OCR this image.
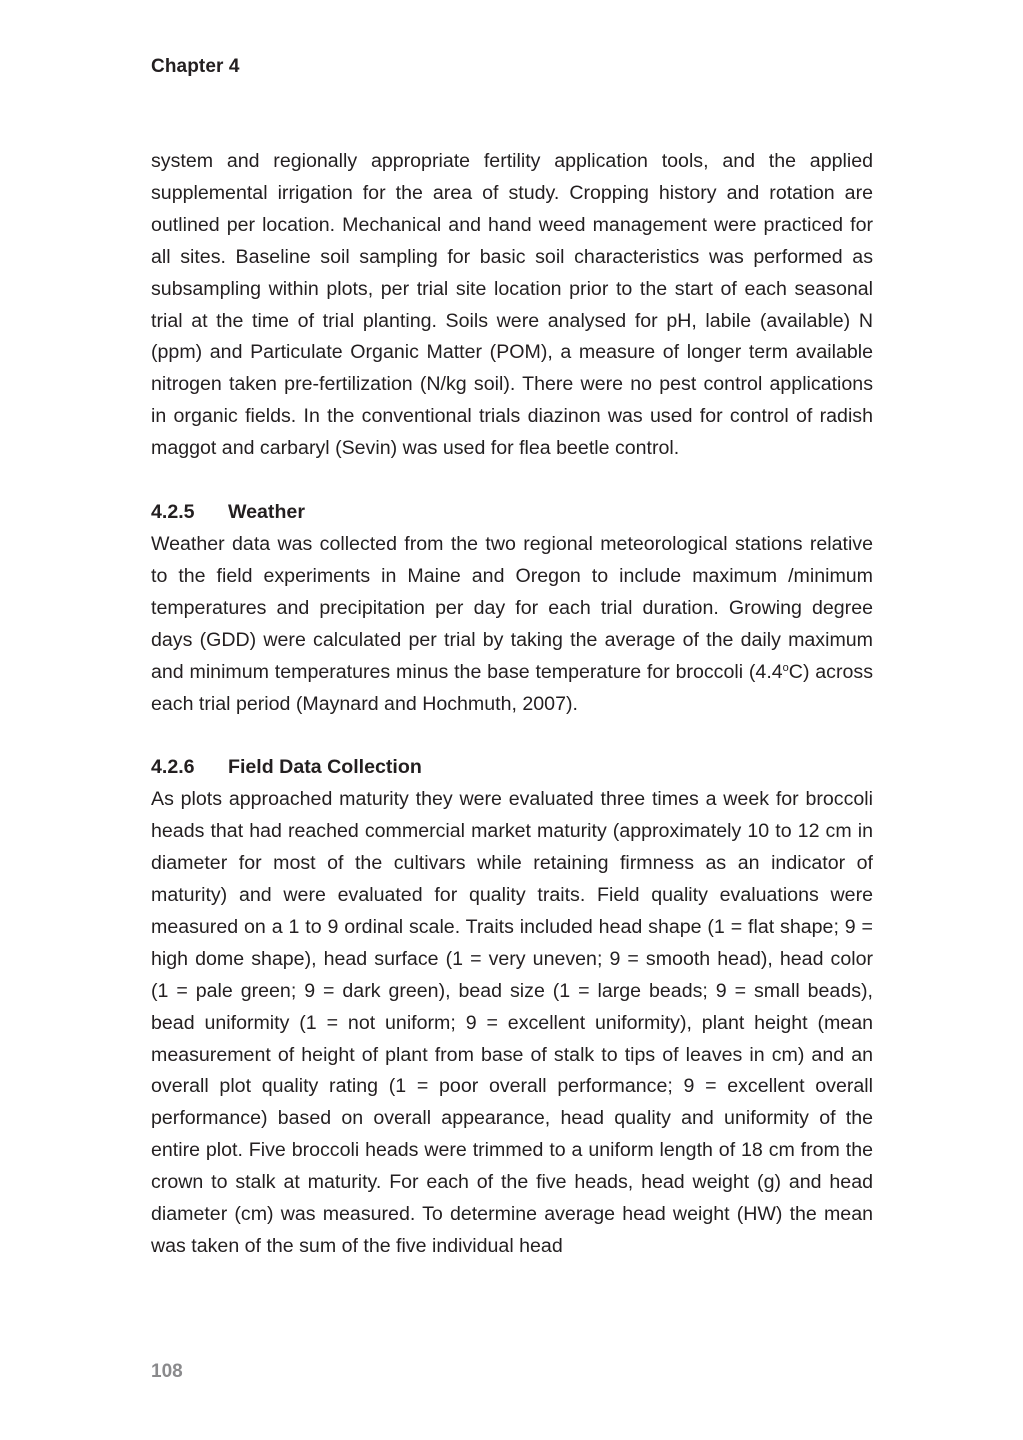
Chapter 4

system and regionally appropriate fertility application tools, and the applied supplemental irrigation for the area of study. Cropping history and rotation are outlined per location. Mechanical and hand weed management were practiced for all sites. Baseline soil sampling for basic soil characteristics was performed as subsampling within plots, per trial site location prior to the start of each seasonal trial at the time of trial planting. Soils were analysed for pH, labile (available) N (ppm) and Particulate Organic Matter (POM), a measure of longer term available nitrogen taken pre-fertilization (N/kg soil). There were no pest control applications in organic fields. In the conventional trials diazinon was used for control of radish maggot and carbaryl (Sevin) was used for flea beetle control.

4.2.5 Weather

Weather data was collected from the two regional meteorological stations relative to the field experiments in Maine and Oregon to include maximum /minimum temperatures and precipitation per day for each trial duration. Growing degree days (GDD) were calculated per trial by taking the average of the daily maximum and minimum temperatures minus the base temperature for broccoli (4.4$^o$C) across each trial period (Maynard and Hochmuth, 2007).

4.2.6 Field Data Collection

As plots approached maturity they were evaluated three times a week for broccoli heads that had reached commercial market maturity (approximately 10 to 12 cm in diameter for most of the cultivars while retaining firmness as an indicator of maturity) and were evaluated for quality traits. Field quality evaluations were measured on a 1 to 9 ordinal scale. Traits included head shape (1 = flat shape; 9 = high dome shape), head surface (1 = very uneven; 9 = smooth head), head color (1 = pale green; 9 = dark green), bead size (1 = large beads; 9 = small beads), bead uniformity (1 = not uniform; 9 = excellent uniformity), plant height (mean measurement of height of plant from base of stalk to tips of leaves in cm) and an overall plot quality rating (1 = poor overall performance; 9 = excellent overall performance) based on overall appearance, head quality and uniformity of the entire plot. Five broccoli heads were trimmed to a uniform length of 18 cm from the crown to stalk at maturity. For each of the five heads, head weight (g) and head diameter (cm) was measured. To determine average head weight (HW) the mean was taken of the sum of the five individual head

108
